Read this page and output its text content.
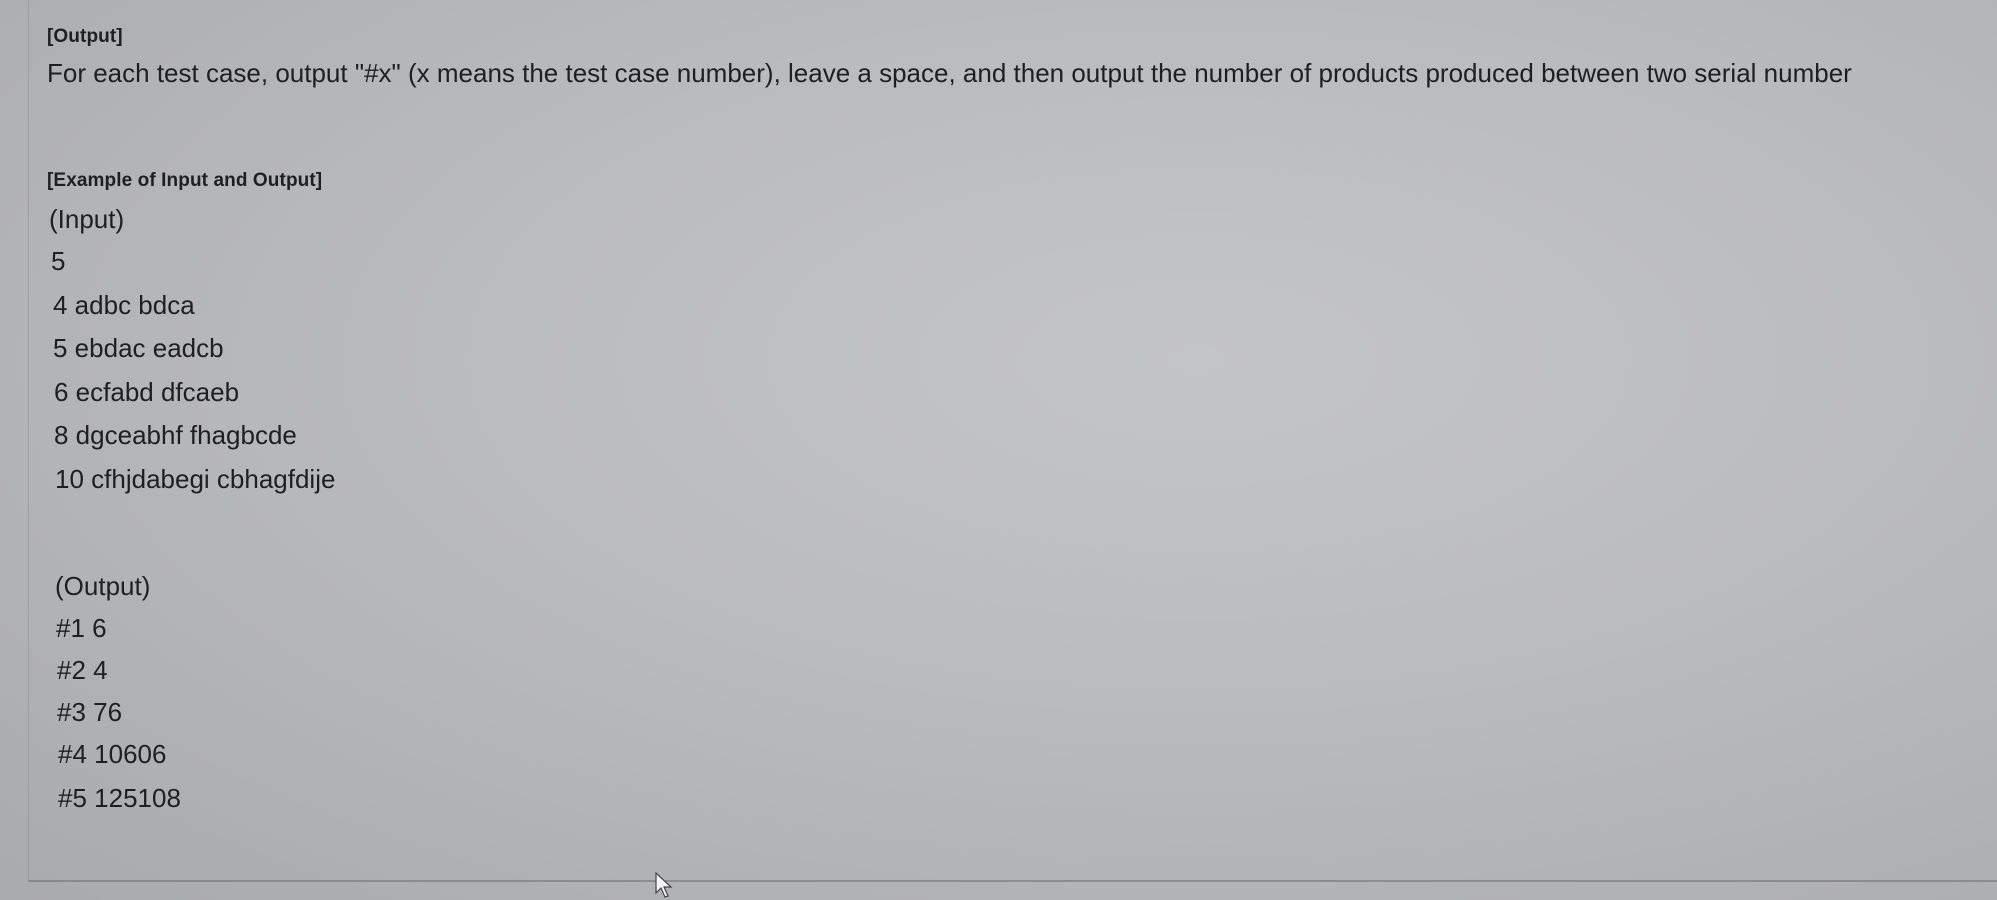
[Output]
For each test case, output "#x" (x means the test case number), leave a space, and then output the number of products produced between two serial number
[Example of Input and Output]
(Input)
5
4 adbc bdca
5 ebdac eadcb
6 ecfabd dfcaeb
8 dgceabhf fhagbcde
10 cfhjdabegi cbhagfdije
(Output)
#1 6
#2 4
#3 76
#4 10606
#5 125108
